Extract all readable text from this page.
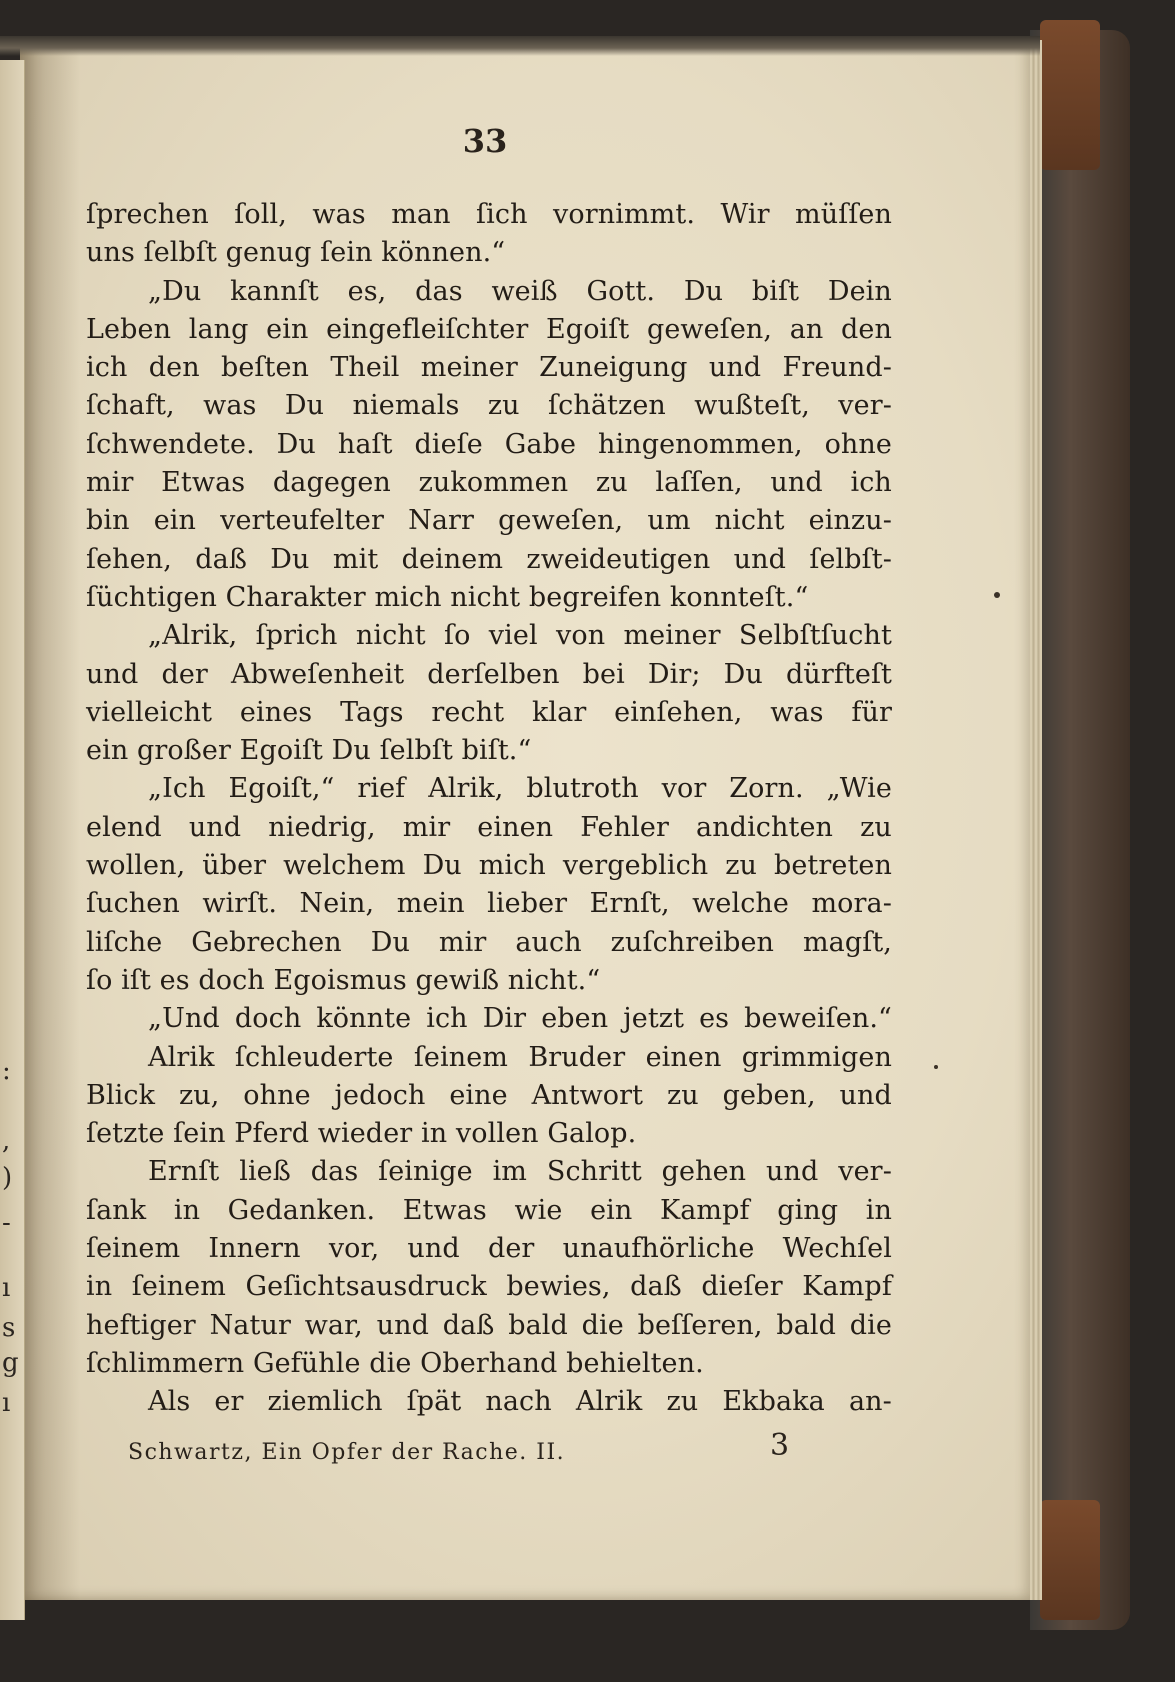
:
,
)
-
ı
s
g
ı
33
ſprechen ſoll, was man ſich vornimmt. Wir müſſen
uns ſelbſt genug ſein können.“
„Du kannſt es, das weiß Gott. Du biſt Dein
Leben lang ein eingefleiſchter Egoiſt geweſen, an den
ich den beſten Theil meiner Zuneigung und Freund-
ſchaft, was Du niemals zu ſchätzen wußteſt, ver-
ſchwendete. Du haſt dieſe Gabe hingenommen, ohne
mir Etwas dagegen zukommen zu laſſen, und ich
bin ein verteufelter Narr geweſen, um nicht einzu-
ſehen, daß Du mit deinem zweideutigen und ſelbſt-
ſüchtigen Charakter mich nicht begreifen konnteſt.“
„Alrik, ſprich nicht ſo viel von meiner Selbſtſucht
und der Abweſenheit derſelben bei Dir; Du dürfteſt
vielleicht eines Tags recht klar einſehen, was für
ein großer Egoiſt Du ſelbſt biſt.“
„Ich Egoiſt,“ rief Alrik, blutroth vor Zorn. „Wie
elend und niedrig, mir einen Fehler andichten zu
wollen, über welchem Du mich vergeblich zu betreten
ſuchen wirſt. Nein, mein lieber Ernſt, welche mora-
liſche Gebrechen Du mir auch zuſchreiben magſt,
ſo iſt es doch Egoismus gewiß nicht.“
„Und doch könnte ich Dir eben jetzt es beweiſen.“
Alrik ſchleuderte ſeinem Bruder einen grimmigen
Blick zu, ohne jedoch eine Antwort zu geben, und
ſetzte ſein Pferd wieder in vollen Galop.
Ernſt ließ das ſeinige im Schritt gehen und ver-
ſank in Gedanken. Etwas wie ein Kampf ging in
ſeinem Innern vor, und der unaufhörliche Wechſel
in ſeinem Geſichtsausdruck bewies, daß dieſer Kampf
heftiger Natur war, und daß bald die beſſeren, bald die
ſchlimmern Gefühle die Oberhand behielten.
Als er ziemlich ſpät nach Alrik zu Ekbaka an-
Schwartz, Ein Opfer der Rache. II.	3
